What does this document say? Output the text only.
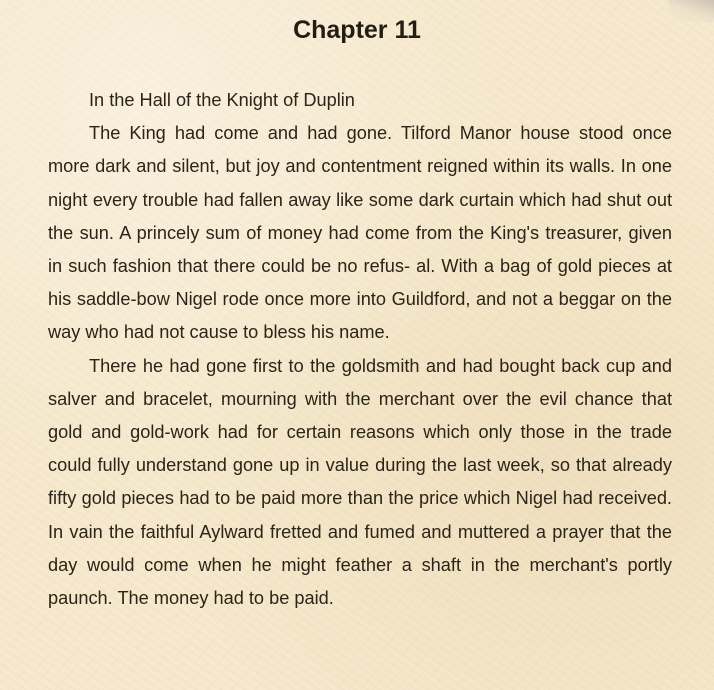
Chapter 11

In the Hall of the Knight of Duplin

The King had come and had gone. Tilford Manor house stood once more dark and silent, but joy and contentment reigned within its walls. In one night every trouble had fallen away like some dark curtain which had shut out the sun. A princely sum of money had come from the King's treasurer, given in such fashion that there could be no refus- al. With a bag of gold pieces at his saddle-bow Nigel rode once more into Guildford, and not a beggar on the way who had not cause to bless his name.

There he had gone first to the goldsmith and had bought back cup and salver and bracelet, mourning with the merchant over the evil chance that gold and gold-work had for certain reasons which only those in the trade could fully understand gone up in value during the last week, so that already fifty gold pieces had to be paid more than the price which Nigel had received. In vain the faithful Aylward fretted and fumed and muttered a prayer that the day would come when he might feather a shaft in the merchant's portly paunch. The money had to be paid.
